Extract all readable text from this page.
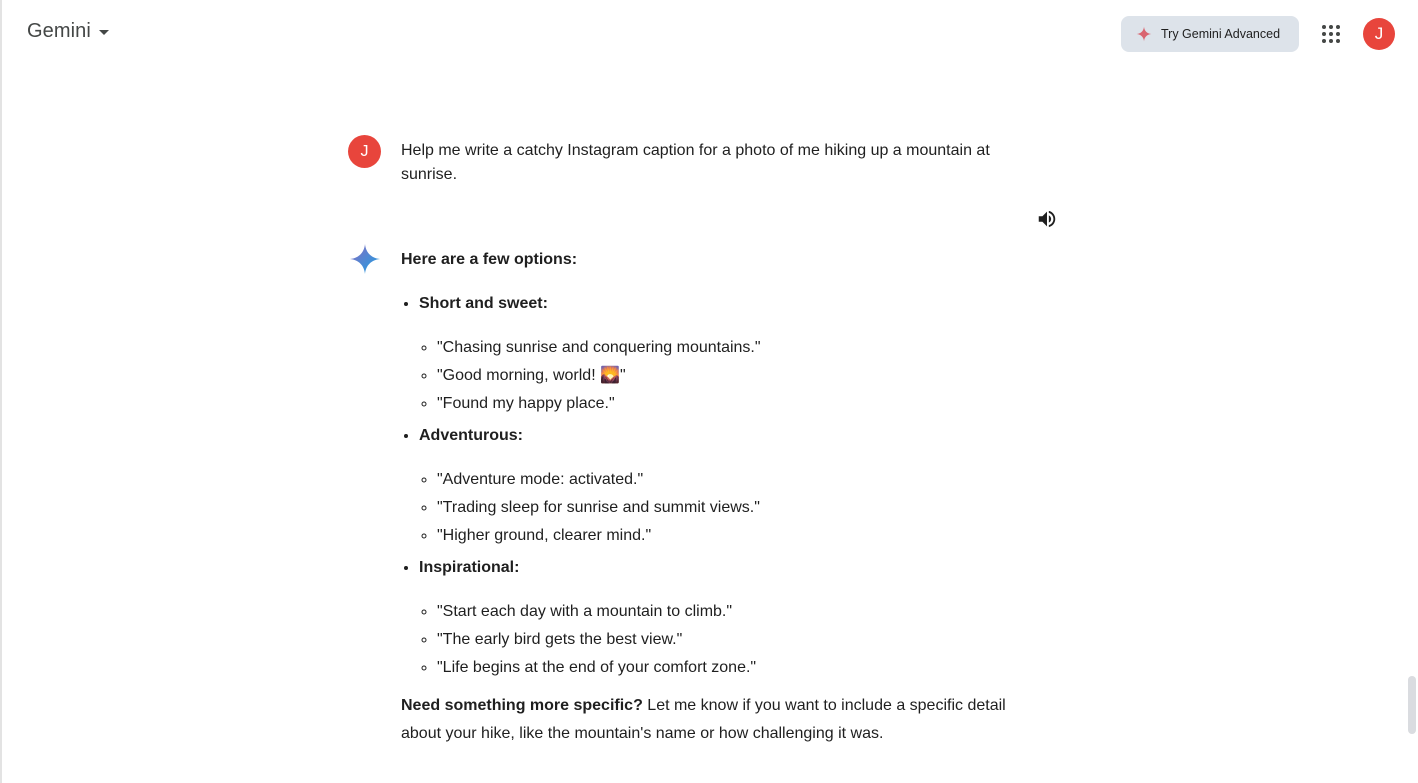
Gemini	Try Gemini Advanced	J
J	Help me write a catchy Instagram caption for a photo of me hiking up a mountain at sunrise.

Here are a few options:

• Short and sweet:
◦ "Chasing sunrise and conquering mountains."
◦ "Good morning, world! 🌄"
◦ "Found my happy place."
• Adventurous:
◦ "Adventure mode: activated."
◦ "Trading sleep for sunrise and summit views."
◦ "Higher ground, clearer mind."
• Inspirational:
◦ "Start each day with a mountain to climb."
◦ "The early bird gets the best view."
◦ "Life begins at the end of your comfort zone."

Need something more specific? Let me know if you want to include a specific detail about your hike, like the mountain's name or how challenging it was.
